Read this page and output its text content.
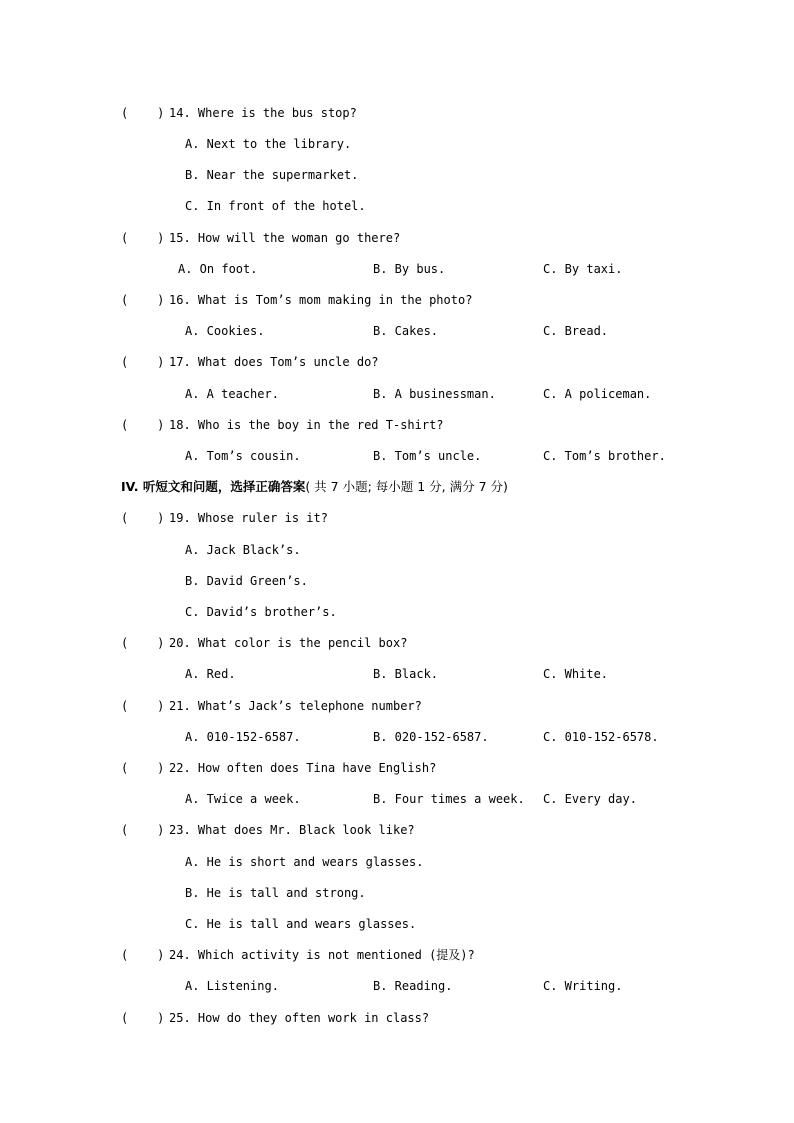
(    ) 14. Where is the bus stop?
A. Next to the library.
B. Near the supermarket.
C. In front of the hotel.
(    ) 15. How will the woman go there?
A. On foot.	B. By bus.	C. By taxi.
(    ) 16. What is Tom’s mom making in the photo?
A. Cookies.	B. Cakes.	C. Bread.
(    ) 17. What does Tom’s uncle do?
A. A teacher.	B. A businessman.	C. A policeman.
(    ) 18. Who is the boy in the red T-shirt?
A. Tom’s cousin.	B. Tom’s uncle.	C. Tom’s brother.
IV. 听短文和问题，选择正确答案( 共 7 小题; 每小题 1 分, 满分 7 分)
(    ) 19. Whose ruler is it?
A. Jack Black’s.
B. David Green’s.
C. David’s brother’s.
(    ) 20. What color is the pencil box?
A. Red.	B. Black.	C. White.
(    ) 21. What’s Jack’s telephone number?
A. 010-152-6587.	B. 020-152-6587.	C. 010-152-6578.
(    ) 22. How often does Tina have English?
A. Twice a week.	B. Four times a week. C. Every day.
(    ) 23. What does Mr. Black look like?
A. He is short and wears glasses.
B. He is tall and strong.
C. He is tall and wears glasses.
(    ) 24. Which activity is not mentioned (提及)?
A. Listening.	B. Reading.	C. Writing.
(    ) 25. How do they often work in class?
